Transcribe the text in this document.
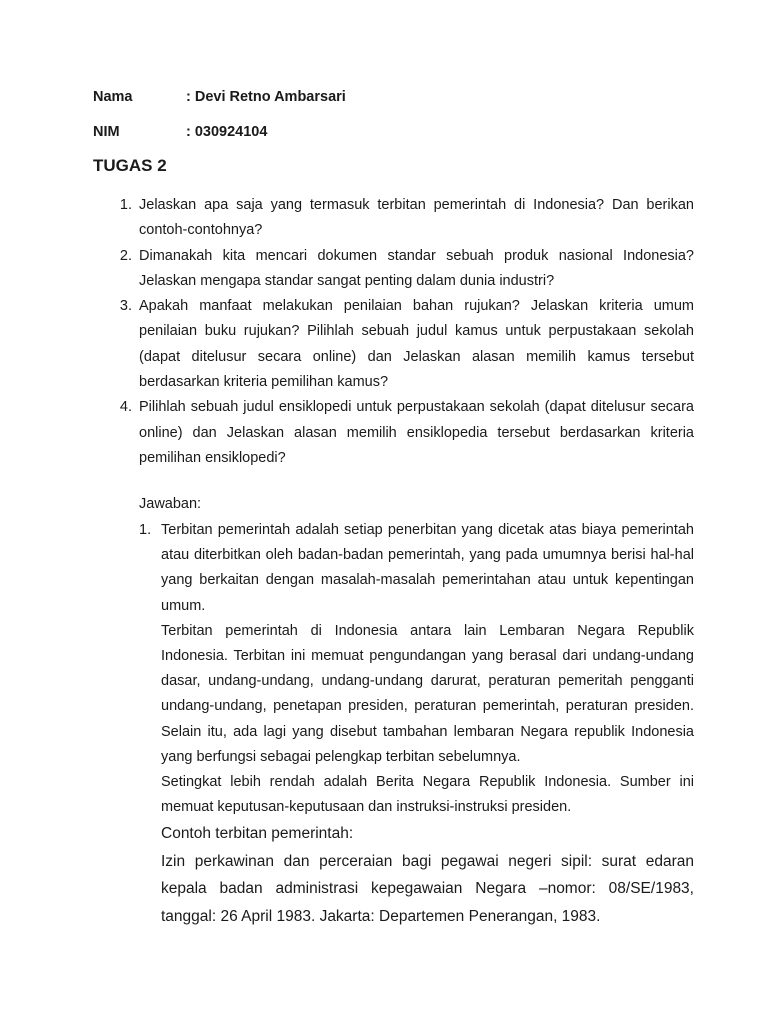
Nama	: Devi Retno Ambarsari
NIM	: 030924104
TUGAS 2
1. Jelaskan apa saja yang termasuk terbitan pemerintah di Indonesia? Dan berikan contoh-contohnya?
2. Dimanakah kita mencari dokumen standar sebuah produk nasional Indonesia? Jelaskan mengapa standar sangat penting dalam dunia industri?
3. Apakah manfaat melakukan penilaian bahan rujukan? Jelaskan kriteria umum penilaian buku rujukan? Pilihlah sebuah judul kamus untuk perpustakaan sekolah (dapat ditelusur secara online) dan Jelaskan alasan memilih kamus tersebut berdasarkan kriteria pemilihan kamus?
4. Pilihlah sebuah judul ensiklopedi untuk perpustakaan sekolah (dapat ditelusur secara online) dan Jelaskan alasan memilih ensiklopedia tersebut berdasarkan kriteria pemilihan ensiklopedi?
Jawaban:
1. Terbitan pemerintah adalah setiap penerbitan yang dicetak atas biaya pemerintah atau diterbitkan oleh badan-badan pemerintah, yang pada umumnya berisi hal-hal yang berkaitan dengan masalah-masalah pemerintahan atau untuk kepentingan umum.

Terbitan pemerintah di Indonesia antara lain Lembaran Negara Republik Indonesia. Terbitan ini memuat pengundangan yang berasal dari undang-undang dasar, undang-undang, undang-undang darurat, peraturan pemeritah pengganti undang-undang, penetapan presiden, peraturan pemerintah, peraturan presiden. Selain itu, ada lagi yang disebut tambahan lembaran Negara republik Indonesia yang berfungsi sebagai pelengkap terbitan sebelumnya.

Setingkat lebih rendah adalah Berita Negara Republik Indonesia. Sumber ini memuat keputusan-keputusaan dan instruksi-instruksi presiden.

Contoh terbitan pemerintah:

Izin perkawinan dan perceraian bagi pegawai negeri sipil: surat edaran kepala badan administrasi kepegawaian Negara –nomor: 08/SE/1983, tanggal: 26 April 1983. Jakarta: Departemen Penerangan, 1983.
